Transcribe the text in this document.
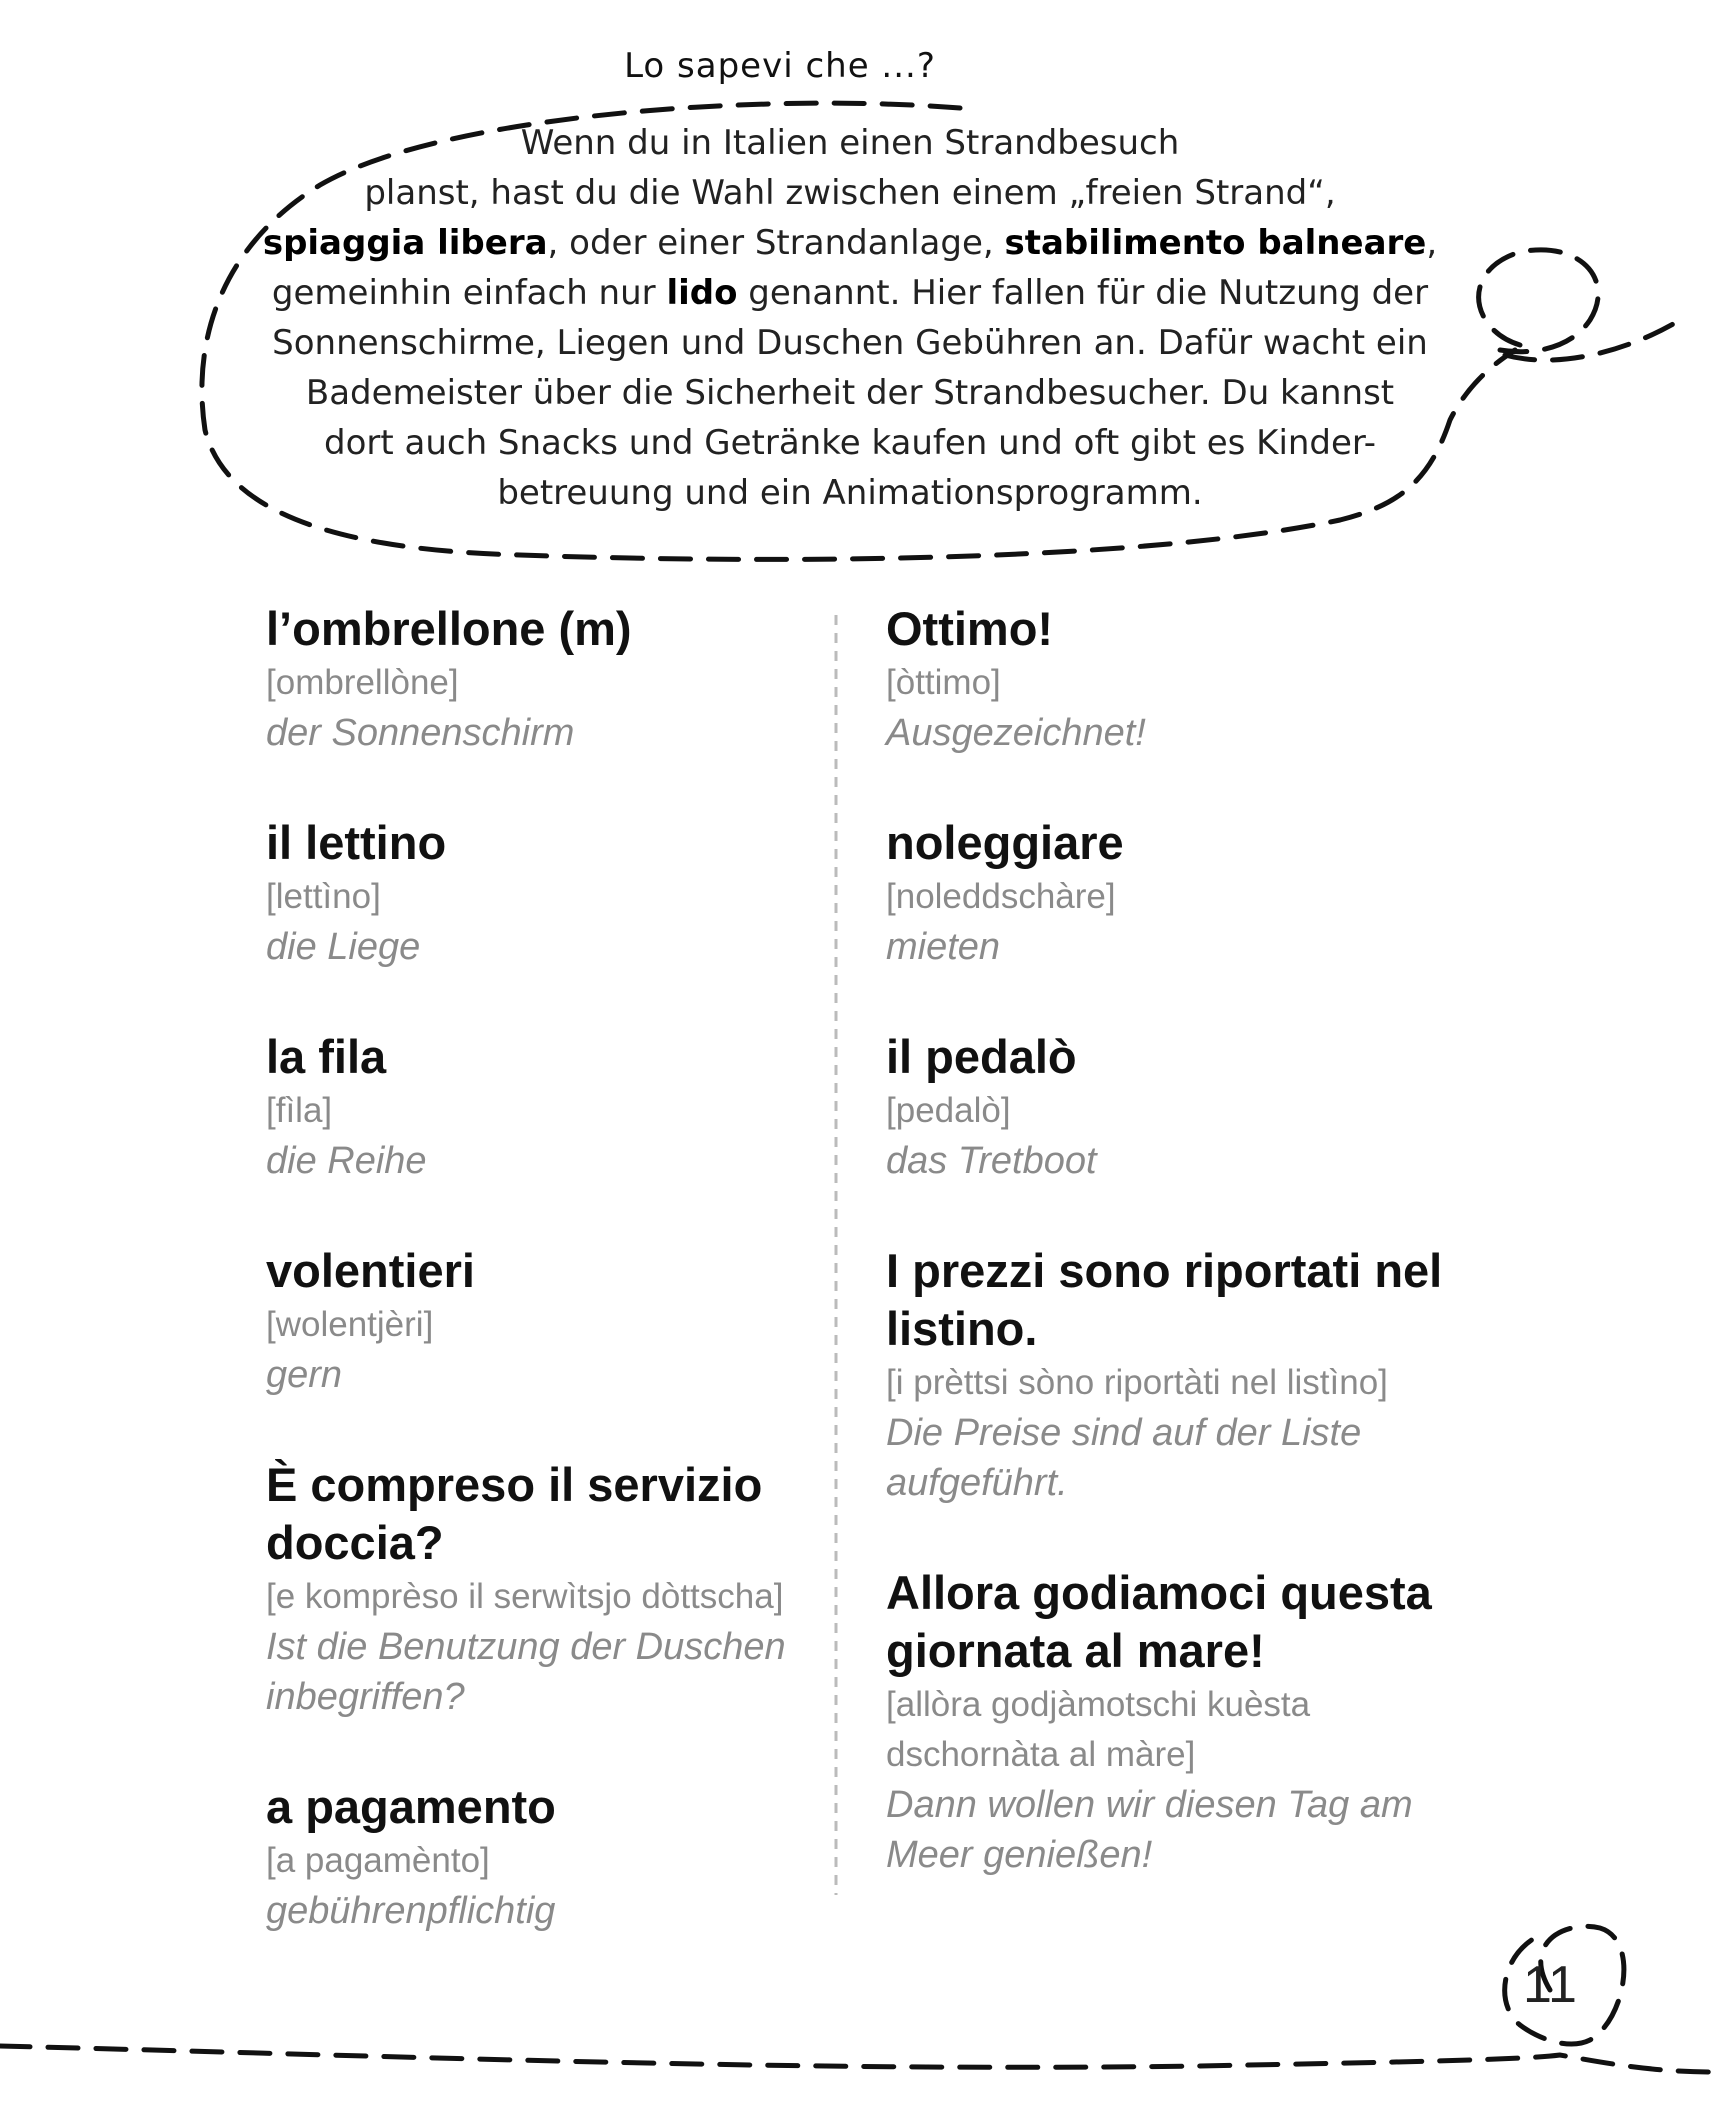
Lo sapevi che ...?
Wenn du in Italien einen Strandbesuch
planst, hast du die Wahl zwischen einem „freien Strand“,
spiaggia libera, oder einer Strandanlage, stabilimento balneare,
gemeinhin einfach nur lido genannt. Hier fallen für die Nutzung der
Sonnenschirme, Liegen und Duschen Gebühren an. Dafür wacht ein
Bademeister über die Sicherheit der Strandbesucher. Du kannst
dort auch Snacks und Getränke kaufen und oft gibt es Kinder-
betreuung und ein Animationsprogramm.
l’ombrellone (m)
[ombrellòne]
der Sonnenschirm
il lettino
[lettìno]
die Liege
la fila
[fìla]
die Reihe
volentieri
[wolentjèri]
gern
È compreso il servizio doccia?
[e komprèso il serwìtsjo dòttscha]
Ist die Benutzung der Duschen inbegriffen?
a pagamento
[a pagamènto]
gebührenpflichtig
Ottimo!
[òttimo]
Ausgezeichnet!
noleggiare
[noleddschàre]
mieten
il pedalò
[pedalò]
das Tretboot
I prezzi sono riportati nel listino.
[i prèttsi sòno riportàti nel listìno]
Die Preise sind auf der Liste aufgeführt.
Allora godiamoci questa giornata al mare!
[allòra godjàmotschi kuèsta dschornàta al màre]
Dann wollen wir diesen Tag am Meer genießen!
11
